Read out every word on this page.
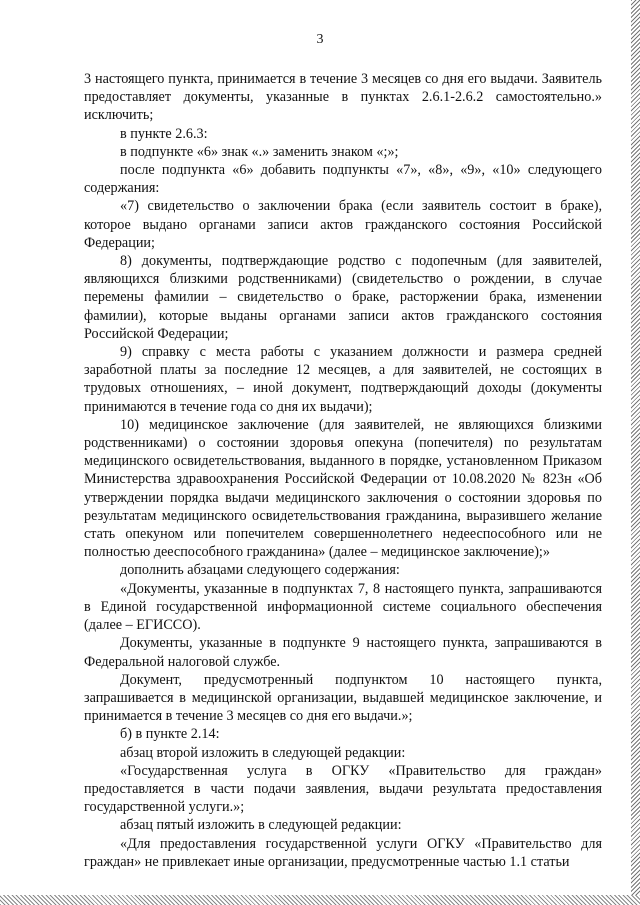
3

3 настоящего пункта, принимается в течение 3 месяцев со дня его выдачи. Заявитель предоставляет документы, указанные в пунктах 2.6.1-2.6.2 самостоятельно.» исключить;

в пункте 2.6.3:

в подпункте «6» знак «.» заменить знаком «;»;

после подпункта «6» добавить подпункты «7», «8», «9», «10» следующего содержания:

«7) свидетельство о заключении брака (если заявитель состоит в браке), которое выдано органами записи актов гражданского состояния Российской Федерации;

8) документы, подтверждающие родство с подопечным (для заявителей, являющихся близкими родственниками) (свидетельство о рождении, в случае перемены фамилии – свидетельство о браке, расторжении брака, изменении фамилии), которые выданы органами записи актов гражданского состояния Российской Федерации;

9) справку с места работы с указанием должности и размера средней заработной платы за последние 12 месяцев, а для заявителей, не состоящих в трудовых отношениях, – иной документ, подтверждающий доходы (документы принимаются в течение года со дня их выдачи);

10) медицинское заключение (для заявителей, не являющихся близкими родственниками) о состоянии здоровья опекуна (попечителя) по результатам медицинского освидетельствования, выданного в порядке, установленном Приказом Министерства здравоохранения Российской Федерации от 10.08.2020 № 823н «Об утверждении порядка выдачи медицинского заключения о состоянии здоровья по результатам медицинского освидетельствования гражданина, выразившего желание стать опекуном или попечителем совершеннолетнего недееспособного или не полностью дееспособного гражданина» (далее – медицинское заключение);»

дополнить абзацами следующего содержания:

«Документы, указанные в подпунктах 7, 8 настоящего пункта, запрашиваются в Единой государственной информационной системе социального обеспечения (далее – ЕГИССО).

Документы, указанные в подпункте 9 настоящего пункта, запрашиваются в Федеральной налоговой службе.

Документ, предусмотренный подпунктом 10 настоящего пункта, запрашивается в медицинской организации, выдавшей медицинское заключение, и принимается в течение 3 месяцев со дня его выдачи.»;

б) в пункте 2.14:

абзац второй изложить в следующей редакции:

«Государственная услуга в ОГКУ «Правительство для граждан» предоставляется в части подачи заявления, выдачи результата предоставления государственной услуги.»;

абзац пятый изложить в следующей редакции:

«Для предоставления государственной услуги ОГКУ «Правительство для граждан» не привлекает иные организации, предусмотренные частью 1.1 статьи
